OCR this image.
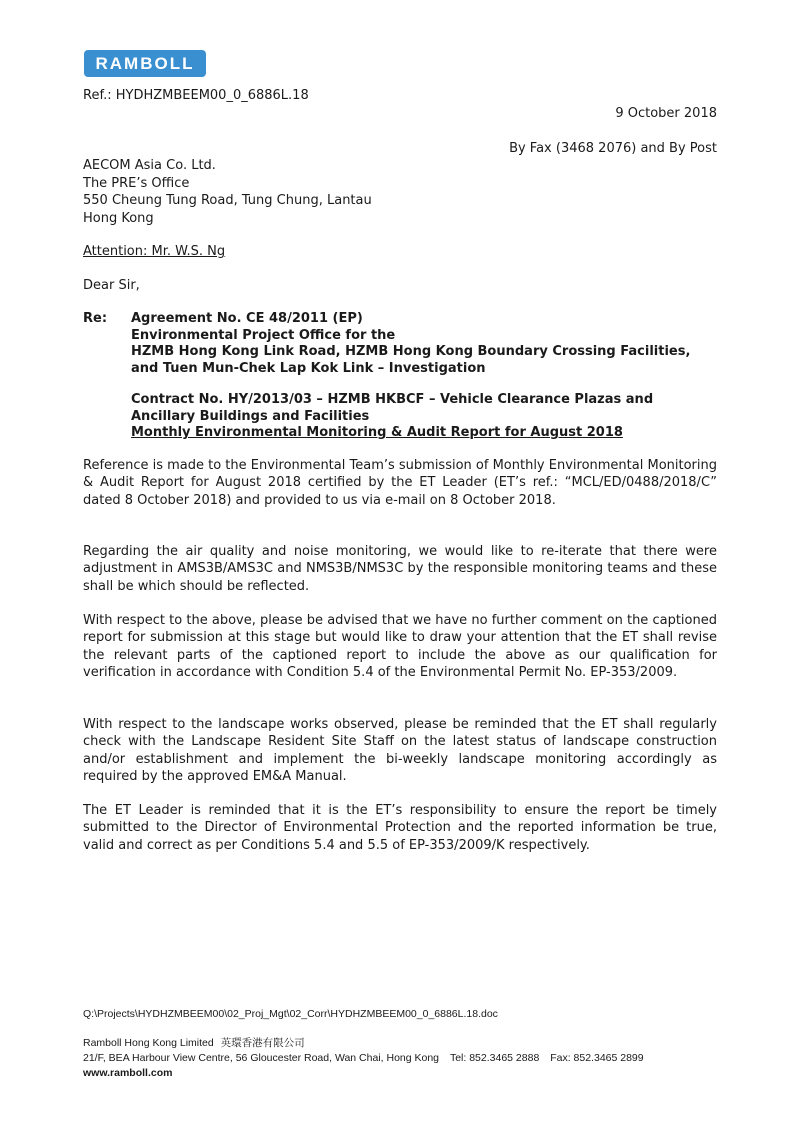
RAMBOLL
Ref.: HYDHZMBEEM00_0_6886L.18
9 October 2018
By Fax (3468 2076) and By Post
AECOM Asia Co. Ltd.
The PRE’s Office
550 Cheung Tung Road, Tung Chung, Lantau
Hong Kong
Attention: Mr. W.S. Ng
Dear Sir,
Re: Agreement No. CE 48/2011 (EP)
Environmental Project Office for the
HZMB Hong Kong Link Road, HZMB Hong Kong Boundary Crossing Facilities,
and Tuen Mun-Chek Lap Kok Link – Investigation
Contract No. HY/2013/03 – HZMB HKBCF – Vehicle Clearance Plazas and
Ancillary Buildings and Facilities
Monthly Environmental Monitoring & Audit Report for August 2018
Reference is made to the Environmental Team’s submission of Monthly Environmental Monitoring & Audit Report for August 2018 certified by the ET Leader (ET’s ref.: “MCL/ED/0488/2018/C” dated 8 October 2018) and provided to us via e-mail on 8 October 2018.
Regarding the air quality and noise monitoring, we would like to re-iterate that there were adjustment in AMS3B/AMS3C and NMS3B/NMS3C by the responsible monitoring teams and these shall be which should be reflected.
With respect to the above, please be advised that we have no further comment on the captioned report for submission at this stage but would like to draw your attention that the ET shall revise the relevant parts of the captioned report to include the above as our qualification for verification in accordance with Condition 5.4 of the Environmental Permit No. EP-353/2009.
With respect to the landscape works observed, please be reminded that the ET shall regularly check with the Landscape Resident Site Staff on the latest status of landscape construction and/or establishment and implement the bi-weekly landscape monitoring accordingly as required by the approved EM&A Manual.
The ET Leader is reminded that it is the ET’s responsibility to ensure the report be timely submitted to the Director of Environmental Protection and the reported information be true, valid and correct as per Conditions 5.4 and 5.5 of EP-353/2009/K respectively.
Q:\Projects\HYDHZMBEEM00\02_Proj_Mgt\02_Corr\HYDHZMBEEM00_0_6886L.18.doc
Ramboll Hong Kong Limited 英環香港有限公司
21/F, BEA Harbour View Centre, 56 Gloucester Road, Wan Chai, Hong Kong Tel: 852.3465 2888 Fax: 852.3465 2899
www.ramboll.com
